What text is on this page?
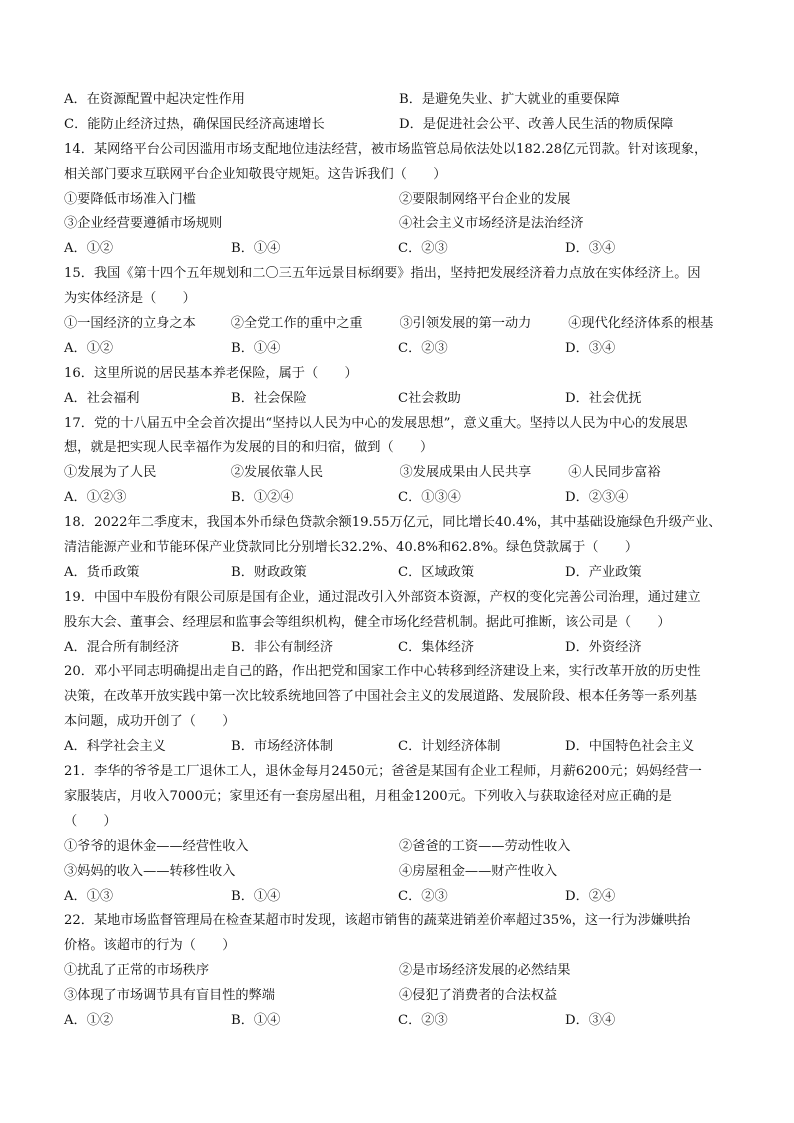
A．在资源配置中起决定性作用	B．是避免失业、扩大就业的重要保障
C．能防止经济过热，确保国民经济高速增长	D．是促进社会公平、改善人民生活的物质保障
14．某网络平台公司因滥用市场支配地位违法经营，被市场监管总局依法处以182.28亿元罚款。针对该现象，
相关部门要求互联网平台企业知敬畏守规矩。这告诉我们（　　）
①要降低市场准入门槛	②要限制网络平台企业的发展
③企业经营要遵循市场规则	④社会主义市场经济是法治经济
A．①②	B．①④	C．②③	D．③④
15．我国《第十四个五年规划和二〇三五年远景目标纲要》指出，坚持把发展经济着力点放在实体经济上。因
为实体经济是（　　）
①一国经济的立身之本	②全党工作的重中之重	③引领发展的第一动力	④现代化经济体系的根基
A．①②	B．①④	C．②③	D．③④
16．这里所说的居民基本养老保险，属于（　　）
A．社会福利	B．社会保险	C社会救助	D．社会优抚
17．党的十八届五中全会首次提出“坚持以人民为中心的发展思想”，意义重大。坚持以人民为中心的发展思
想，就是把实现人民幸福作为发展的目的和归宿，做到（　　）
①发展为了人民	②发展依靠人民	③发展成果由人民共享	④人民同步富裕
A．①②③	B．①②④	C．①③④	D．②③④
18．2022年二季度末，我国本外币绿色贷款余额19.55万亿元，同比增长40.4%，其中基础设施绿色升级产业、
清洁能源产业和节能环保产业贷款同比分别增长32.2%、40.8%和62.8%。绿色贷款属于（　　）
A．货币政策	B．财政政策	C．区域政策	D．产业政策
19．中国中车股份有限公司原是国有企业，通过混改引入外部资本资源，产权的变化完善公司治理，通过建立
股东大会、董事会、经理层和监事会等组织机构，健全市场化经营机制。据此可推断，该公司是（　　）
A．混合所有制经济	B．非公有制经济	C．集体经济	D．外资经济
20．邓小平同志明确提出走自己的路，作出把党和国家工作中心转移到经济建设上来，实行改革开放的历史性
决策，在改革开放实践中第一次比较系统地回答了中国社会主义的发展道路、发展阶段、根本任务等一系列基
本问题，成功开创了（　　）
A．科学社会主义	B．市场经济体制	C．计划经济体制	D．中国特色社会主义
21．李华的爷爷是工厂退休工人，退休金每月2450元；爸爸是某国有企业工程师，月薪6200元；妈妈经营一
家服装店，月收入7000元；家里还有一套房屋出租，月租金1200元。下列收入与获取途径对应正确的是
（　　）
①爷爷的退休金——经营性收入	②爸爸的工资——劳动性收入
③妈妈的收入——转移性收入	④房屋租金——财产性收入
A．①③	B．①④	C．②③	D．②④
22．某地市场监督管理局在检查某超市时发现，该超市销售的蔬菜进销差价率超过35%，这一行为涉嫌哄抬
价格。该超市的行为（　　）
①扰乱了正常的市场秩序	②是市场经济发展的必然结果
③体现了市场调节具有盲目性的弊端	④侵犯了消费者的合法权益
A．①②	B．①④	C．②③	D．③④
